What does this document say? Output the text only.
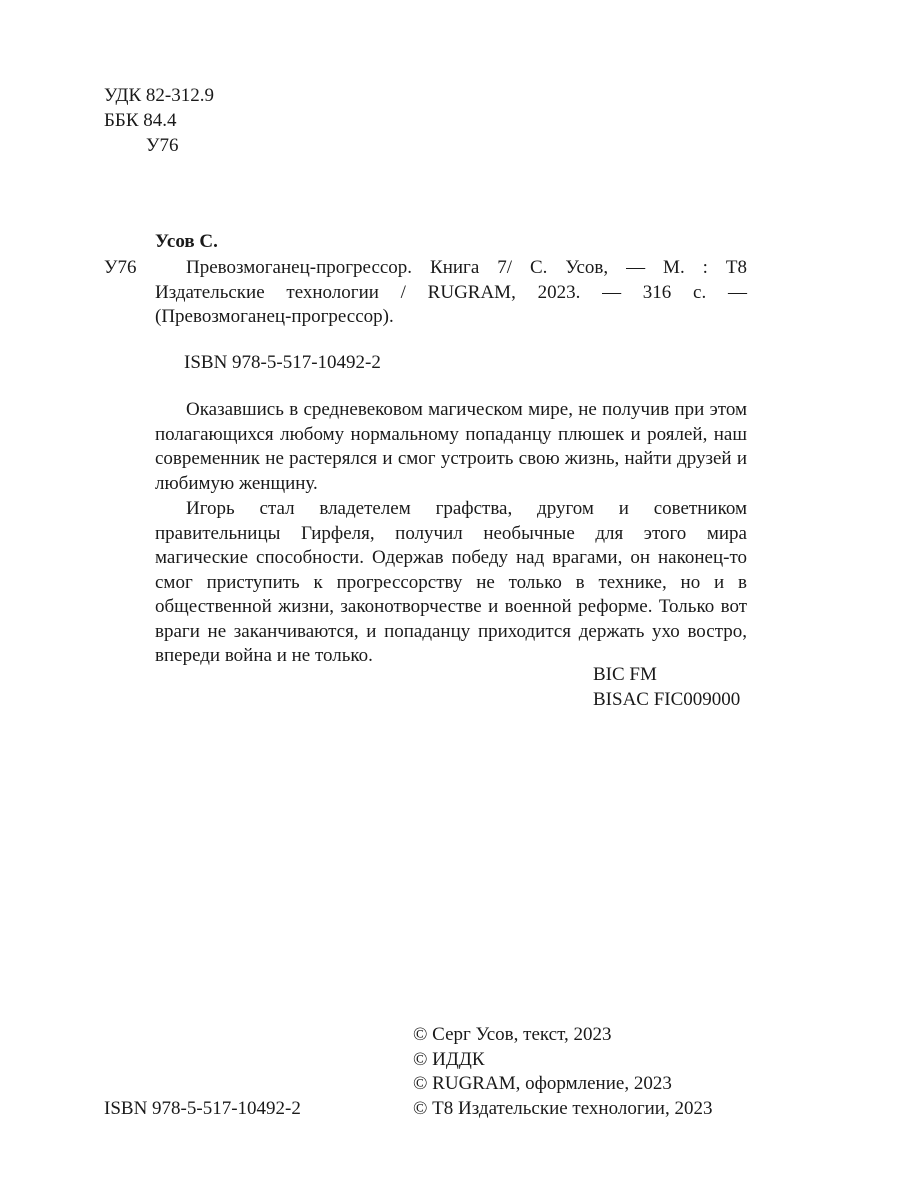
УДК 82-312.9
ББК 84.4
У76
Усов С.
У76	Превозмоганец-прогрессор. Книга 7/ С. Усов, — М. : Т8 Издательские технологии / RUGRAM, 2023. — 316 с. — (Превозмоганец-прогрессор).
ISBN 978-5-517-10492-2
Оказавшись в средневековом магическом мире, не получив при этом полагающихся любому нормальному попаданцу плюшек и роялей, наш современник не растерялся и смог устроить свою жизнь, найти друзей и любимую женщину.
Игорь стал владетелем графства, другом и советником правительницы Гирфеля, получил необычные для этого мира магические способности. Одержав победу над врагами, он наконец-то смог приступить к прогрессорству не только в технике, но и в общественной жизни, законотворчестве и военной реформе. Только вот враги не заканчиваются, и попаданцу приходится держать ухо востро, впереди война и не только.
BIC FM
BISAC FIC009000
© Серг Усов, текст, 2023
© ИДДК
© RUGRAM, оформление, 2023
© Т8 Издательские технологии, 2023
ISBN 978-5-517-10492-2
